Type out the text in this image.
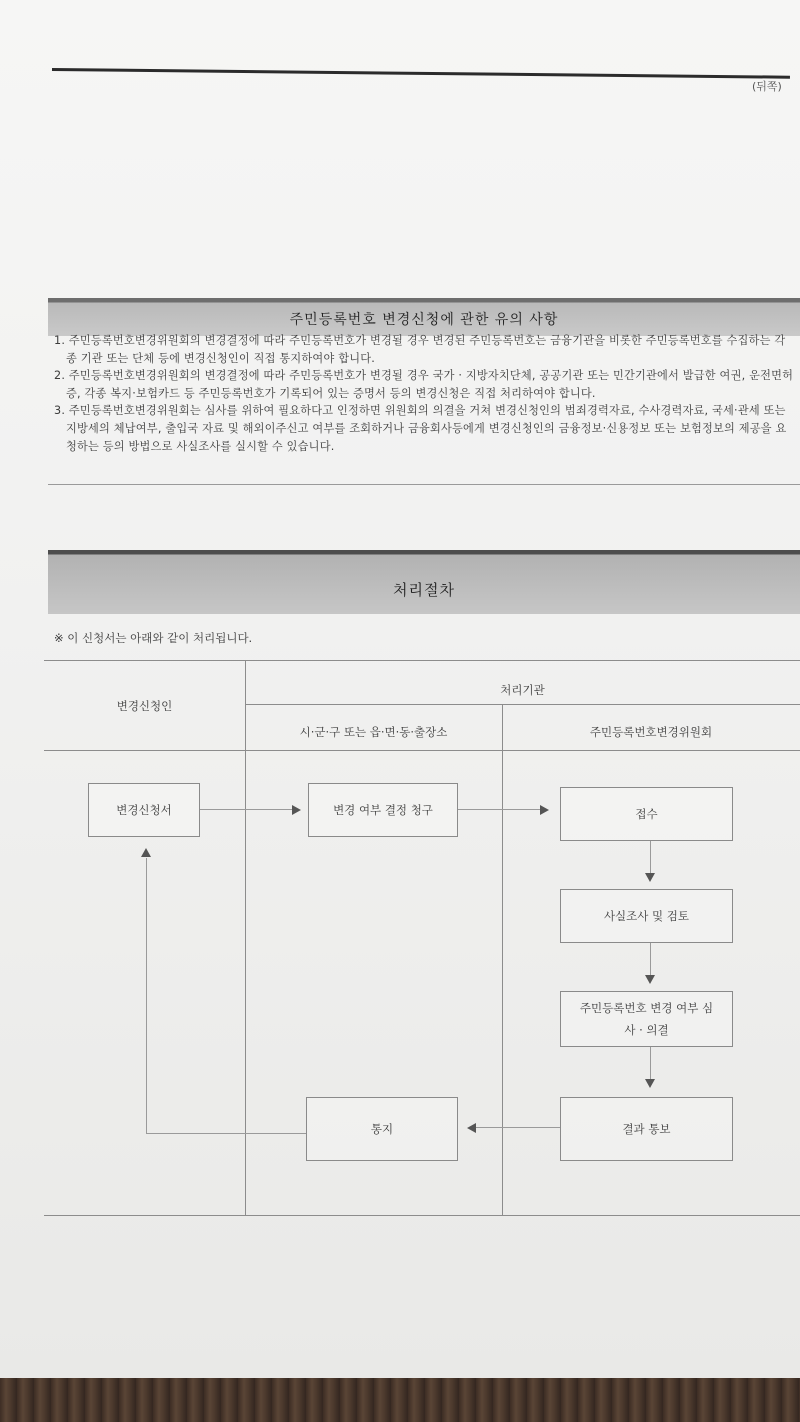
(뒤쪽)
주민등록번호 변경신청에 관한 유의 사항

1. 주민등록번호변경위원회의 변경결정에 따라 주민등록번호가 변경될 경우 변경된 주민등록번호는 금융기관을 비롯한 주민등록번호를 수집하는 각종 기관 또는 단체 등에 변경신청인이 직접 통지하여야 합니다.

2. 주민등록번호변경위원회의 변경결정에 따라 주민등록번호가 변경될 경우 국가 · 지방자치단체, 공공기관 또는 민간기관에서 발급한 여권, 운전면허증, 각종 복지·보험카드 등 주민등록번호가 기록되어 있는 증명서 등의 변경신청은 직접 처리하여야 합니다.

3. 주민등록번호변경위원회는 심사를 위하여 필요하다고 인정하면 위원회의 의결을 거쳐 변경신청인의 범죄경력자료, 수사경력자료, 국세·관세 또는 지방세의 체납여부, 출입국 자료 및 해외이주신고 여부를 조회하거나 금융회사등에게 변경신청인의 금융정보·신용정보 또는 보험정보의 제공을 요청하는 등의 방법으로 사실조사를 실시할 수 있습니다.

처리절차
※ 이 신청서는 아래와 같이 처리됩니다.
변경신청인
처리기관
시·군·구 또는 읍·면·동·출장소	주민등록번호변경위원회
변경신청서	변경 여부 결정 청구	접수
사실조사 및 검토
주민등록번호 변경 여부 심사 · 의결
결과 통보
통지
